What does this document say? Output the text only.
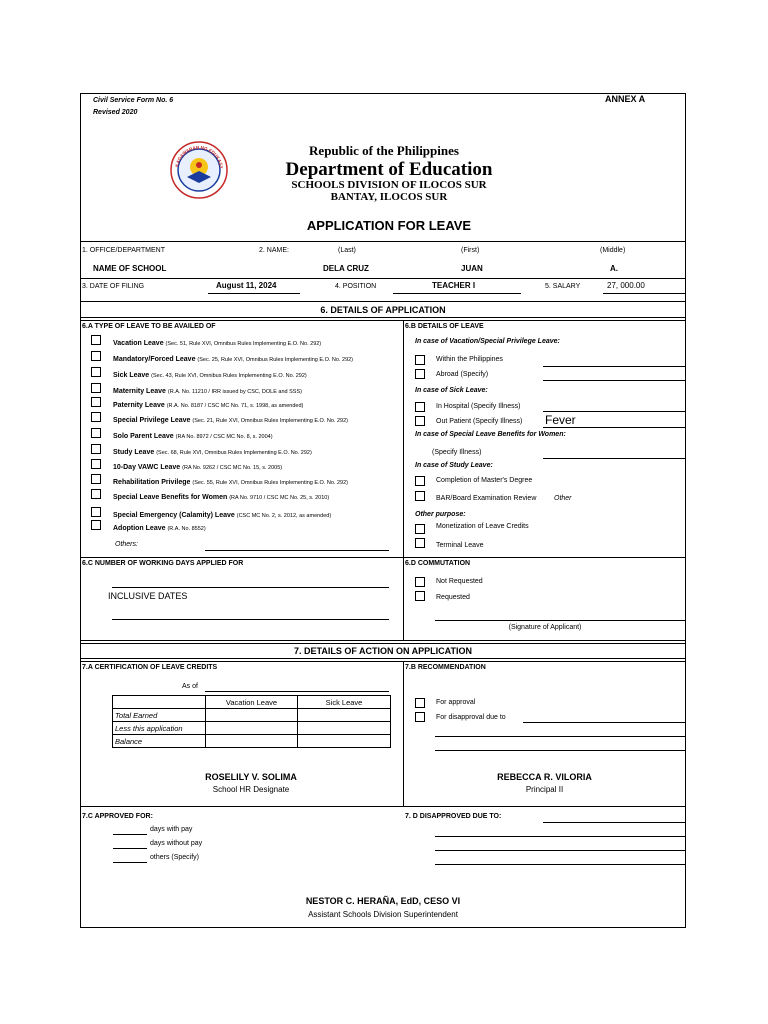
Civil Service Form No. 6
Revised 2020
ANNEX A
KAGAWARAN NG EDUKASY
Republic of the Philippines
Department of Education
SCHOOLS DIVISION OF ILOCOS SUR
BANTAY, ILOCOS SUR
APPLICATION FOR LEAVE
1. OFFICE/DEPARTMENT	2. NAME:	(Last)	(First)	(Middle)
NAME OF SCHOOL	DELA CRUZ	JUAN	A.
3. DATE OF FILING	August 11, 2024	4. POSITION	TEACHER I	5. SALARY	27, 000.00
6. DETAILS OF APPLICATION
6.A TYPE OF LEAVE TO BE AVAILED OF	6.B DETAILS OF LEAVE
Vacation Leave (Sec. 51, Rule XVI, Omnibus Rules Implementing E.O. No. 292)
Mandatory/Forced Leave (Sec. 25, Rule XVI, Omnibus Rules Implementing E.O. No. 292)
Sick Leave (Sec. 43, Rule XVI, Omnibus Rules Implementing E.O. No. 292)
Maternity Leave (R.A. No. 11210 / IRR issued by CSC, DOLE and SSS)
Paternity Leave (R.A. No. 8187 / CSC MC No. 71, s. 1998, as amended)
Special Privilege Leave (Sec. 21, Rule XVI, Omnibus Rules Implementing E.O. No. 292)
Solo Parent Leave (RA No. 8972 / CSC MC No. 8, s. 2004)
Study Leave (Sec. 68, Rule XVI, Omnibus Rules Implementing E.O. No. 292)
10-Day VAWC Leave (RA No. 9262 / CSC MC No. 15, s. 2005)
Rehabilitation Privilege (Sec. 55, Rule XVI, Omnibus Rules Implementing E.O. No. 292)
Special Leave Benefits for Women (RA No. 9710 / CSC MC No. 25, s. 2010)
Special Emergency (Calamity) Leave (CSC MC No. 2, s. 2012, as amended)
Adoption Leave (R.A. No. 8552)
Others:
In case of Vacation/Special Privilege Leave:
Within the Philippines
Abroad (Specify)
In case of Sick Leave:
In Hospital (Specify Illness)
Out Patient (Specify Illness) Fever
In case of Special Leave Benefits for Women:
(Specify Illness)
In case of Study Leave:
Completion of Master's Degree
BAR/Board Examination Review	Other
Other purpose:
Monetization of Leave Credits
Terminal Leave
6.C NUMBER OF WORKING DAYS APPLIED FOR
INCLUSIVE DATES
6.D COMMUTATION
Not Requested
Requested
(Signature of Applicant)
7. DETAILS OF ACTION ON APPLICATION
7.A CERTIFICATION OF LEAVE CREDITS
As of
	Vacation Leave	Sick Leave
Total Earned		
Less this application		
Balance		
ROSELILY V. SOLIMA
School HR Designate
7.B RECOMMENDATION
For approval
For disapproval due to
REBECCA R. VILORIA
Principal II
7.C APPROVED FOR:
days with pay
days without pay
others (Specify)
7. D DISAPPROVED DUE TO:
NESTOR C. HERAÑA, EdD, CESO VI
Assistant Schools Division Superintendent
